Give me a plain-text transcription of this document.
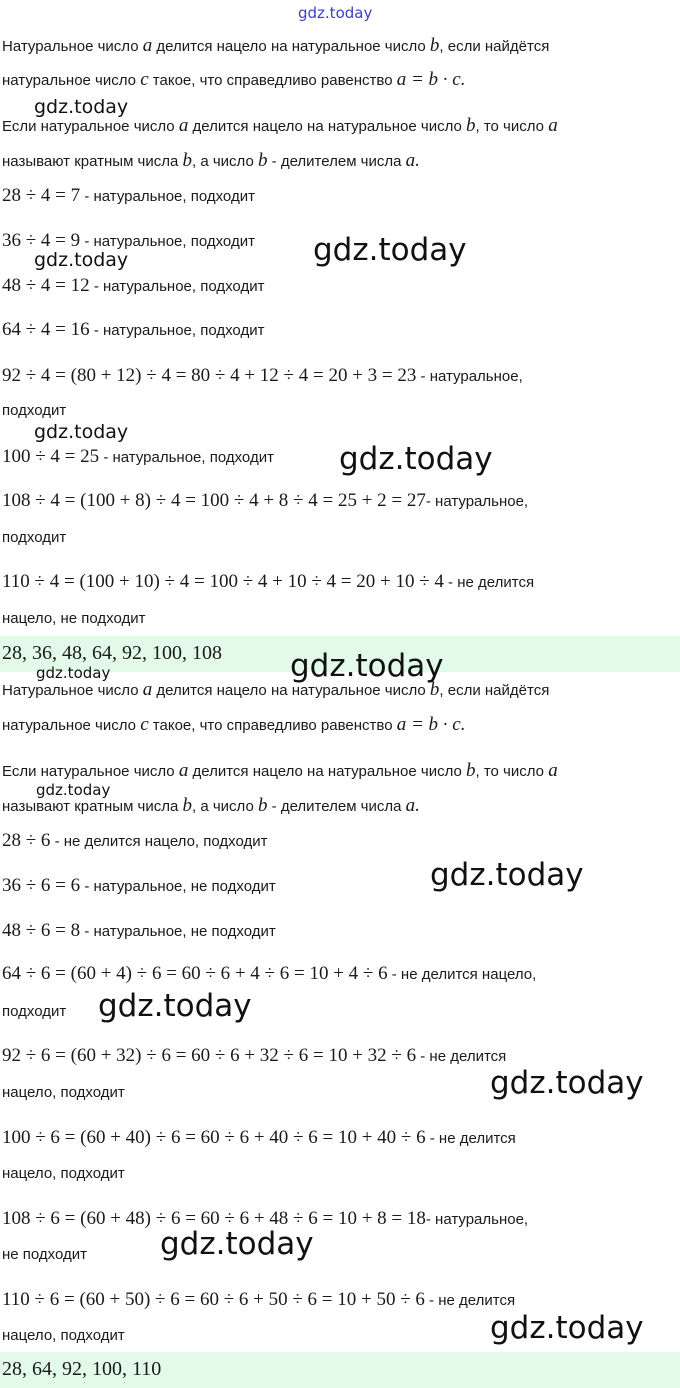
Натуральное число a делится нацело на натуральное число b, если найдётся
натуральное число c такое, что справедливо равенство a = b · c.
Если натуральное число a делится нацело на натуральное число b, то число a
называют кратным числа b, а число b - делителем числа a.
28 ÷ 4 = 7 - натуральное, подходит
36 ÷ 4 = 9 - натуральное, подходит
48 ÷ 4 = 12 - натуральное, подходит
64 ÷ 4 = 16 - натуральное, подходит
92 ÷ 4 = (80 + 12) ÷ 4 = 80 ÷ 4 + 12 ÷ 4 = 20 + 3 = 23 - натуральное,
подходит
100 ÷ 4 = 25 - натуральное, подходит
108 ÷ 4 = (100 + 8) ÷ 4 = 100 ÷ 4 + 8 ÷ 4 = 25 + 2 = 27- натуральное,
подходит
110 ÷ 4 = (100 + 10) ÷ 4 = 100 ÷ 4 + 10 ÷ 4 = 20 + 10 ÷ 4 - не делится
нацело, не подходит
28, 36, 48, 64, 92, 100, 108
Натуральное число a делится нацело на натуральное число b, если найдётся
натуральное число c такое, что справедливо равенство a = b · c.
Если натуральное число a делится нацело на натуральное число b, то число a
называют кратным числа b, а число b - делителем числа a.
28 ÷ 6 - не делится нацело, подходит
36 ÷ 6 = 6 - натуральное, не подходит
48 ÷ 6 = 8 - натуральное, не подходит
64 ÷ 6 = (60 + 4) ÷ 6 = 60 ÷ 6 + 4 ÷ 6 = 10 + 4 ÷ 6 - не делится нацело,
подходит
92 ÷ 6 = (60 + 32) ÷ 6 = 60 ÷ 6 + 32 ÷ 6 = 10 + 32 ÷ 6 - не делится
нацело, подходит
100 ÷ 6 = (60 + 40) ÷ 6 = 60 ÷ 6 + 40 ÷ 6 = 10 + 40 ÷ 6 - не делится
нацело, подходит
108 ÷ 6 = (60 + 48) ÷ 6 = 60 ÷ 6 + 48 ÷ 6 = 10 + 8 = 18- натуральное,
не подходит
110 ÷ 6 = (60 + 50) ÷ 6 = 60 ÷ 6 + 50 ÷ 6 = 10 + 50 ÷ 6 - не делится
нацело, подходит
28, 64, 92, 100, 110
gdz.today
gdz.today
gdz.today
gdz.today
gdz.today
gdz.today
gdz.today
gdz.today
gdz.today
gdz.today
gdz.today
gdz.today
gdz.today
gdz.today
